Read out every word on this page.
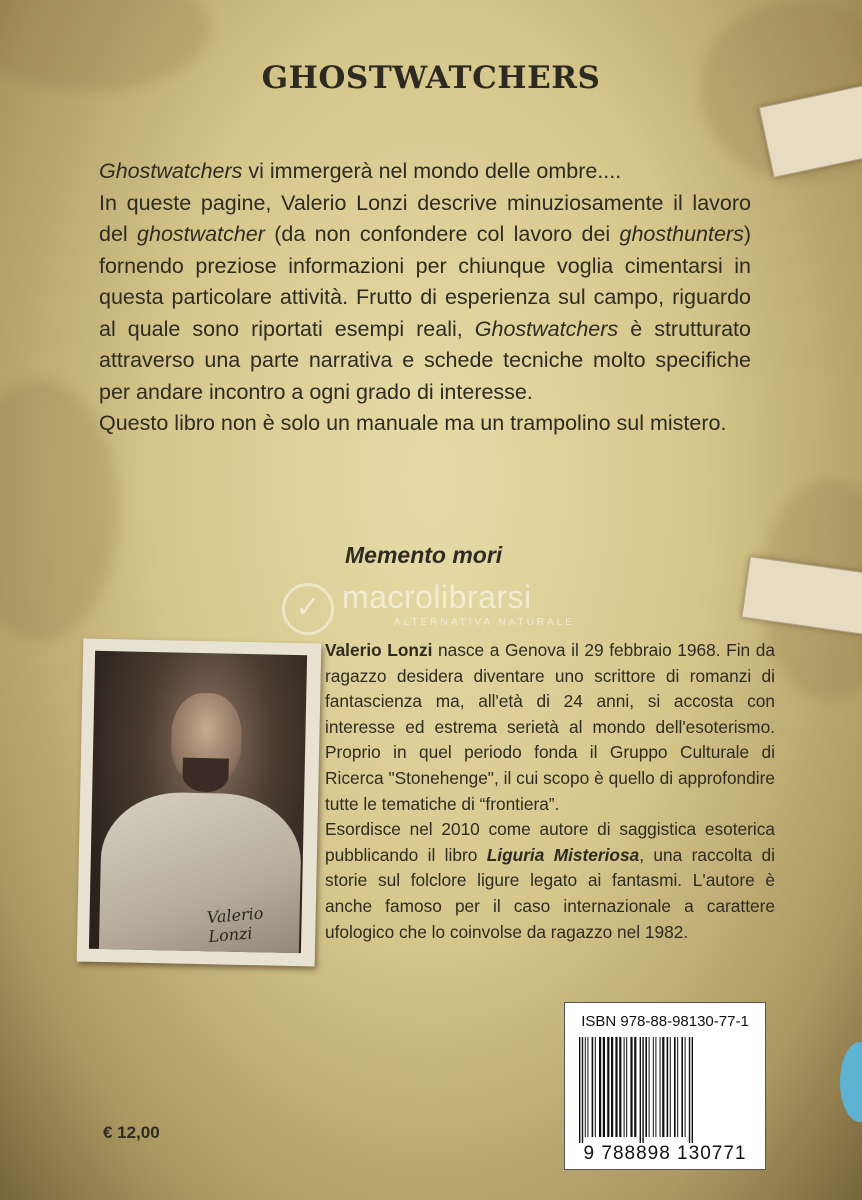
GHOSTWATCHERS

Ghostwatchers vi immergerà nel mondo delle ombre....

In queste pagine, Valerio Lonzi descrive minuziosamente il lavoro del ghostwatcher (da non confondere col lavoro dei ghosthunters) fornendo preziose informazioni per chiunque voglia cimentarsi in questa particolare attività. Frutto di esperienza sul campo, riguardo al quale sono riportati esempi reali, Ghostwatchers è strutturato attraverso una parte narrativa e schede tecniche molto specifiche per andare incontro a ogni grado di interesse.

Questo libro non è solo un manuale ma un trampolino sul mistero.

Memento mori
✓ macrolibrarsi
ALTERNATIVA NATURALE
Valerio Lonzi

Valerio Lonzi nasce a Genova il 29 febbraio 1968. Fin da ragazzo desidera diventare uno scrittore di romanzi di fantascienza ma, all'età di 24 anni, si accosta con interesse ed estrema serietà al mondo dell'esoterismo. Proprio in quel periodo fonda il Gruppo Culturale di Ricerca "Stonehenge", il cui scopo è quello di approfondire tutte le tematiche di “frontiera”.

Esordisce nel 2010 come autore di saggistica esoterica pubblicando il libro Liguria Misteriosa, una raccolta di storie sul folclore ligure legato ai fantasmi. L'autore è anche famoso per il caso internazionale a carattere ufologico che lo coinvolse da ragazzo nel 1982.

ISBN 978-88-98130-77-1
9 788898 130771
€ 12,00
